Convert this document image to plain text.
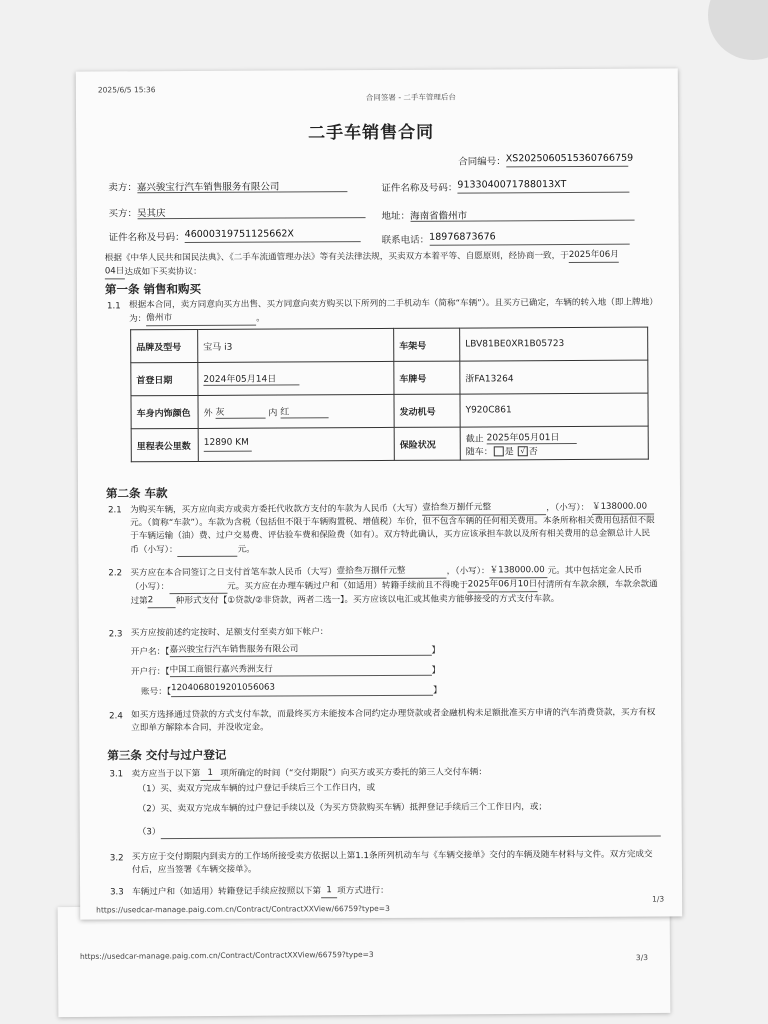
https://usedcar-manage.paig.com.cn/Contract/ContractXXView/66759?type=3	3/3
2025/6/5 15:36
合同签署 - 二手车管理后台
二手车销售合同
合同编号：XS2025060515360766759
卖方：嘉兴骏宝行汽车销售服务有限公司	证件名称及号码：9133040071788013XT
买方：吴其庆	地址：海南省儋州市
证件名称及号码：460003197511256​62X
联系电话：18976873676
根据《中华人民共和国民法典》、《二手车流通管理办法》等有关法律法规，买卖双方本着平等、自愿原则，经协商一致，于2025年06月
04日达成如下买卖协议：
第一条 销售和购买
1.1 根据本合同，卖方同意向买方出售、买方同意向卖方购买以下所列的二手机动车（简称“车辆”）。且买方已确定，车辆的转入地（即上牌地）为：儋州市	。
品牌及型号	宝马 i3	车架号	LBV81BE0XR1B05723
首登日期	2024年05月14日	车牌号	浙FA13264
车身内饰颜色	外 灰 内 红	发动机号	Y920C861
里程表公里数	12890 KM	保险状况	截止 2025年05月01日
随车： 是 √ 否
第二条 车款
2.1 为购买车辆，买方应向卖方或卖方委托代收款方支付的车款为人民币（大写）壹拾叁万捌仟元整	，（小写）： ￥138000.00元。（简称“车款”）。车款为含税（包括但不限于车辆购置税、增值税）车价，但不包含车辆的任何相关费用。本条所称相关费用包括但不限于车辆运输（油）费、过户交易费、评估验车费和保险费（如有）。双方特此确认，买方应该承担车款以及所有相关费用的总金额总计人民币（小写）：	元。
2.2 买方应在本合同签订之日支付首笔车款人民币（大写）壹拾叁万捌仟元整	，（小写）：￥138000.00 元。其中包括定金人民币（小写）：	元。买方应在办理车辆过户和（如适用）转籍手续前且不得晚于2025年06月10日付清所有车款余额，车款余款通过第2	种形式支付【①贷款/②非贷款，两者二选一】。买方应该以电汇或其他卖方能够接受的方式支付车款。
2.3 买方应按前述约定按时、足额支付至卖方如下帐户：
开户名：【嘉兴骏宝行汽车销售服务有限公司	】
开户行：【中国工商银行嘉兴秀洲支行	】
账号：【1204068019201056063	】
2.4 如买方选择通过贷款的方式支付车款，而最终买方未能按本合同约定办理贷款或者金融机构未足额批准买方申请的汽车消费贷款，买方有权立即单方解除本合同，并没收定金。
第三条 交付与过户登记
3.1 卖方应当于以下第 1 项所确定的时间（“交付期限”）向买方或买方委托的第三人交付车辆：
（1）买、卖双方完成车辆的过户登记手续后三个工作日内，或
（2）买、卖双方完成车辆的过户登记手续以及（为买方贷款购买车辆）抵押登记手续后三个工作日内，或；
（3）
3.2 买方应于交付期限内到卖方的工作场所接受卖方依据以上第1.1条所列机动车与《车辆交接单》交付的车辆及随车材料与文件。双方完成交付后，应当签署《车辆交接单》。
3.3 车辆过户和（如适用）转籍登记手续应按照以下第 1 项方式进行：
https://usedcar-manage.paig.com.cn/Contract/ContractXXView/66759?type=3
1/3
